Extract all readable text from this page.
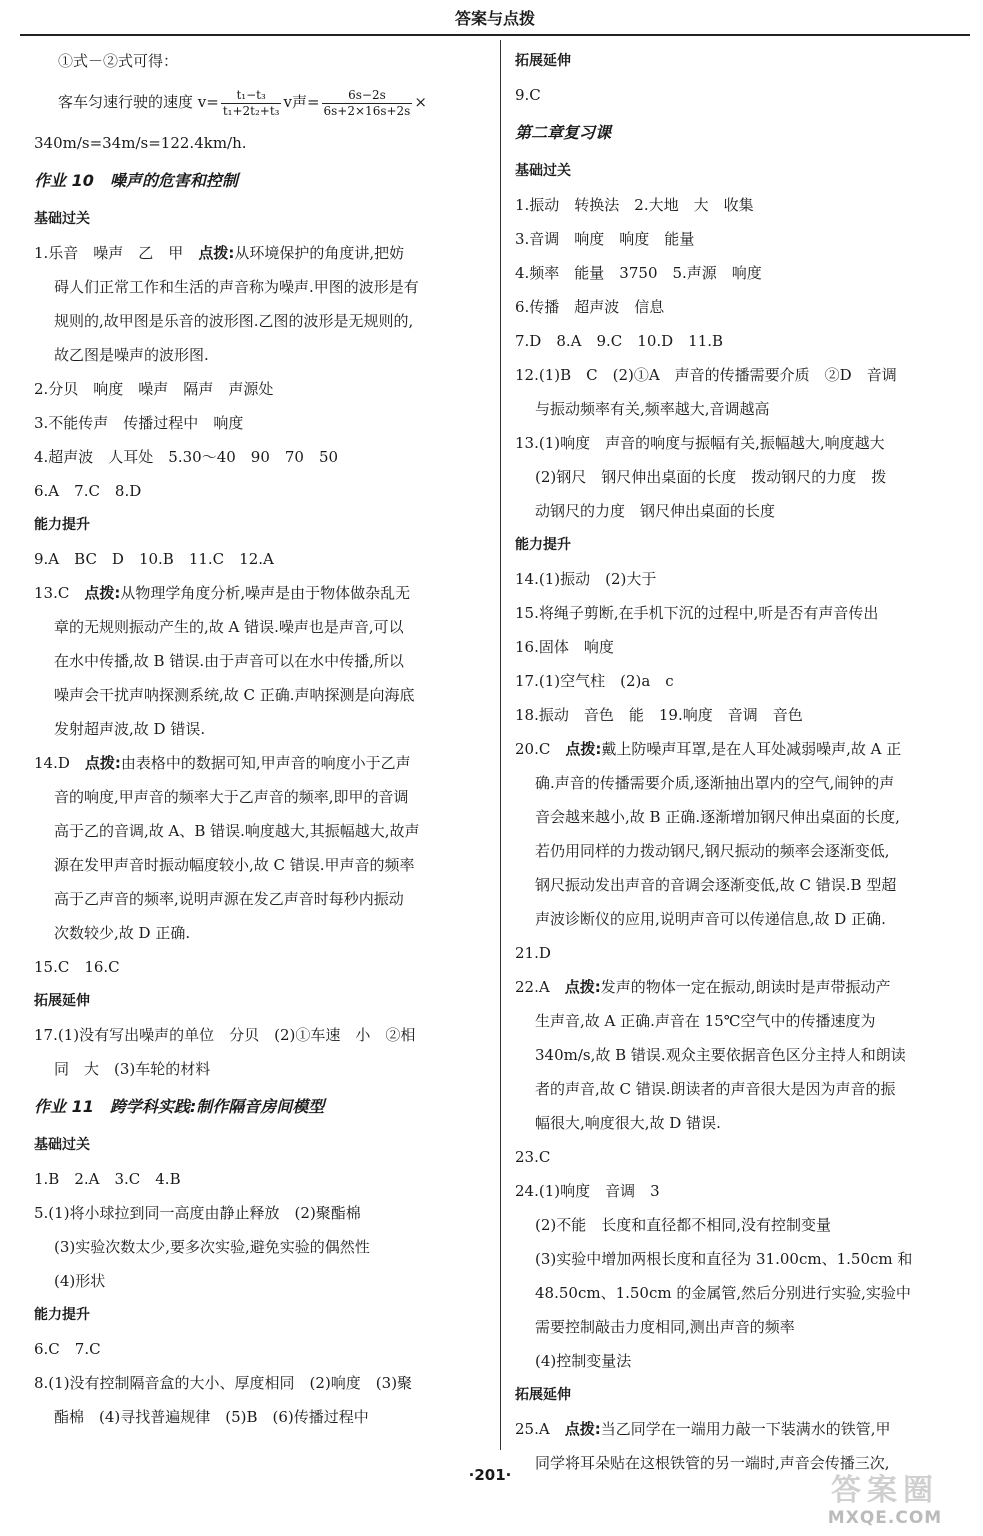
答案与点拨
①式－②式可得：
客车匀速行驶的速度 $v= \frac{\text{t₁−t₃}}{\text{t₁+2t₂+t₃}}$ v声= $\frac{6s-2s}{6s+2\times 16s+2s}$ ×
340m/s=34m/s=122.4km/h.
作业 10　噪声的危害和控制
基础过关
1.乐音　噪声　乙　甲　点拨:从环境保护的角度讲,把妨
碍人们正常工作和生活的声音称为噪声.甲图的波形是有
规则的,故甲图是乐音的波形图.乙图的波形是无规则的,
故乙图是噪声的波形图.
2.分贝　响度　噪声　隔声　声源处
3.不能传声　传播过程中　响度
4.超声波　人耳处　5.30～40　90　70　50
6.A　7.C　8.D
能力提升
9.A　BC　D　10.B　11.C　12.A
13.C　点拨:从物理学角度分析,噪声是由于物体做杂乱无
章的无规则振动产生的,故 A 错误.噪声也是声音,可以
在水中传播,故 B 错误.由于声音可以在水中传播,所以
噪声会干扰声呐探测系统,故 C 正确.声呐探测是向海底
发射超声波,故 D 错误.
14.D　点拨:由表格中的数据可知,甲声音的响度小于乙声
音的响度,甲声音的频率大于乙声音的频率,即甲的音调
高于乙的音调,故 A、B 错误.响度越大,其振幅越大,故声
源在发甲声音时振动幅度较小,故 C 错误.甲声音的频率
高于乙声音的频率,说明声源在发乙声音时每秒内振动
次数较少,故 D 正确.
15.C　16.C
拓展延伸
17.(1)没有写出噪声的单位　分贝　(2)①车速　小　②相
同　大　(3)车轮的材料
作业 11　跨学科实践:制作隔音房间模型
基础过关
1.B　2.A　3.C　4.B
5.(1)将小球拉到同一高度由静止释放　(2)聚酯棉
(3)实验次数太少,要多次实验,避免实验的偶然性
(4)形状
能力提升
6.C　7.C
8.(1)没有控制隔音盒的大小、厚度相同　(2)响度　(3)聚
酯棉　(4)寻找普遍规律　(5)B　(6)传播过程中
拓展延伸
9.C
第二章复习课
基础过关
1.振动　转换法　2.大地　大　收集
3.音调　响度　响度　能量
4.频率　能量　3750　5.声源　响度
6.传播　超声波　信息
7.D　8.A　9.C　10.D　11.B
12.(1)B　C　(2)①A　声音的传播需要介质　②D　音调
与振动频率有关,频率越大,音调越高
13.(1)响度　声音的响度与振幅有关,振幅越大,响度越大
(2)钢尺　钢尺伸出桌面的长度　拨动钢尺的力度　拨
动钢尺的力度　钢尺伸出桌面的长度
能力提升
14.(1)振动　(2)大于
15.将绳子剪断,在手机下沉的过程中,听是否有声音传出
16.固体　响度
17.(1)空气柱　(2)a　c
18.振动　音色　能　19.响度　音调　音色
20.C　点拨:戴上防噪声耳罩,是在人耳处减弱噪声,故 A 正
确.声音的传播需要介质,逐渐抽出罩内的空气,闹钟的声
音会越来越小,故 B 正确.逐渐增加钢尺伸出桌面的长度,
若仍用同样的力拨动钢尺,钢尺振动的频率会逐渐变低,
钢尺振动发出声音的音调会逐渐变低,故 C 错误.B 型超
声波诊断仪的应用,说明声音可以传递信息,故 D 正确.
21.D
22.A　点拨:发声的物体一定在振动,朗读时是声带振动产
生声音,故 A 正确.声音在 15℃空气中的传播速度为
340m/s,故 B 错误.观众主要依据音色区分主持人和朗读
者的声音,故 C 错误.朗读者的声音很大是因为声音的振
幅很大,响度很大,故 D 错误.
23.C
24.(1)响度　音调　3
(2)不能　长度和直径都不相同,没有控制变量
(3)实验中增加两根长度和直径为 31.00cm、1.50cm 和
48.50cm、1.50cm 的金属管,然后分别进行实验,实验中
需要控制敲击力度相同,测出声音的频率
(4)控制变量法
拓展延伸
25.A　点拨:当乙同学在一端用力敲一下装满水的铁管,甲
同学将耳朵贴在这根铁管的另一端时,声音会传播三次,
·201·	答案圈
MXQE.COM
